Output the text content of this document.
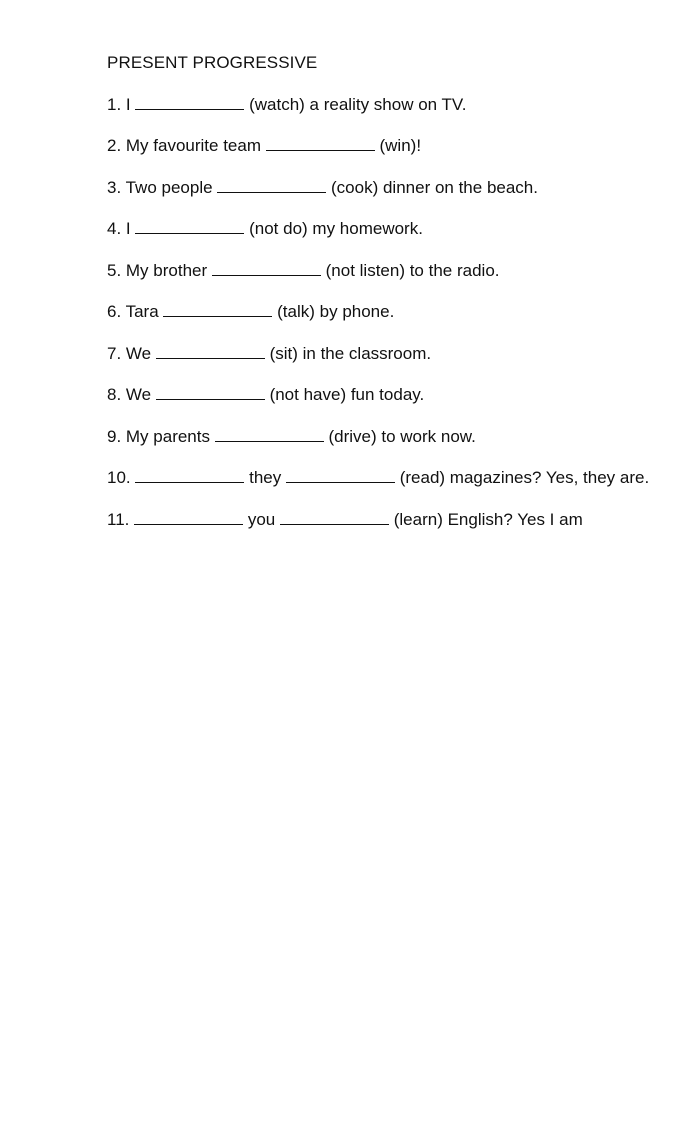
PRESENT PROGRESSIVE
1. I	(watch) a reality show on TV.
2. My favourite team	(win)!
3. Two people	(cook) dinner on the beach.
4. I	(not do) my homework.
5. My brother	(not listen) to the radio.
6. Tara	(talk) by phone.
7. We	(sit) in the classroom.
8. We	(not have) fun today.
9. My parents	(drive) to work now.
10.	they	(read) magazines? Yes, they are.
11.	you	(learn) English? Yes I am
